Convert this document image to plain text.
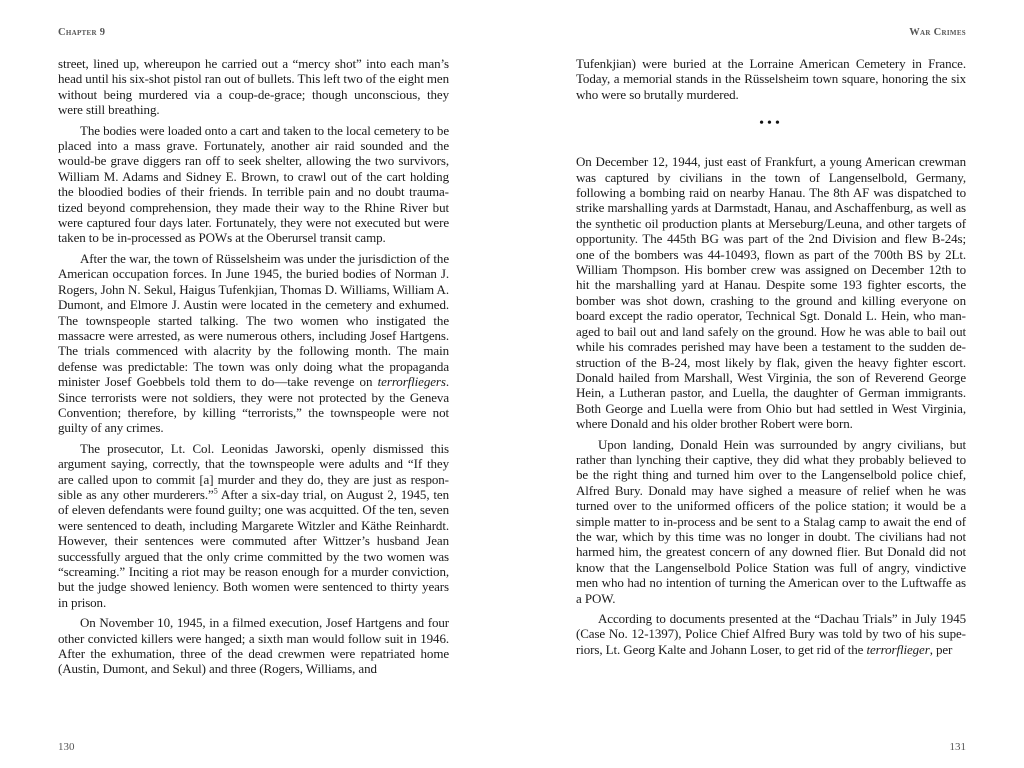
Chapter 9

street, lined up, whereupon he carried out a “mercy shot” into each man’s head until his six-shot pistol ran out of bullets. This left two of the eight men without being murdered via a coup-de-grace; though unconscious, they were still breathing.

The bodies were loaded onto a cart and taken to the local cemetery to be placed into a mass grave. Fortunately, another air raid sounded and the would-be grave diggers ran off to seek shelter, allowing the two survivors, William M. Adams and Sidney E. Brown, to crawl out of the cart holding the bloodied bodies of their friends. In terrible pain and no doubt traumatized beyond comprehension, they made their way to the Rhine River but were captured four days later. Fortunately, they were not executed but were taken to be in-processed as POWs at the Oberursel transit camp.

After the war, the town of Rüsselsheim was under the jurisdiction of the American occupation forces. In June 1945, the buried bodies of Norman J. Rogers, John N. Sekul, Haigus Tufenkjian, Thomas D. Williams, William A. Dumont, and Elmore J. Austin were located in the cemetery and exhumed. The townspeople started talking. The two women who instigated the massacre were arrested, as were numerous others, including Josef Hartgens. The trials commenced with alacrity by the following month. The main defense was predictable: The town was only doing what the propaganda minister Josef Goebbels told them to do—take revenge on terrorfliegers. Since terrorists were not soldiers, they were not protected by the Geneva Convention; therefore, by killing “terrorists,” the townspeople were not guilty of any crimes.

The prosecutor, Lt. Col. Leonidas Jaworski, openly dismissed this argument saying, correctly, that the townspeople were adults and “If they are called upon to commit [a] murder and they do, they are just as responsible as any other murderers.”$^5$ After a six-day trial, on August 2, 1945, ten of eleven defendants were found guilty; one was acquitted. Of the ten, seven were sentenced to death, including Margarete Witzler and Käthe Reinhardt. However, their sentences were commuted after Wittzer’s husband Jean successfully argued that the only crime committed by the two women was “screaming.” Inciting a riot may be reason enough for a murder conviction, but the judge showed leniency. Both women were sentenced to thirty years in prison.

On November 10, 1945, in a filmed execution, Josef Hartgens and four other convicted killers were hanged; a sixth man would follow suit in 1946. After the exhumation, three of the dead crewmen were repatriated home (Austin, Dumont, and Sekul) and three (Rogers, Williams, and

130
War Crimes

Tufenkjian) were buried at the Lorraine American Cemetery in France. Today, a memorial stands in the Rüsselsheim town square, honoring the six who were so brutally murdered.

•••

On December 12, 1944, just east of Frankfurt, a young American crewman was captured by civilians in the town of Langenselbold, Germany, following a bombing raid on nearby Hanau. The 8th AF was dispatched to strike marshalling yards at Darmstadt, Hanau, and Aschaffenburg, as well as the synthetic oil production plants at Merseburg/Leuna, and other targets of opportunity. The 445th BG was part of the 2nd Division and flew B-24s; one of the bombers was 44-10493, flown as part of the 700th BS by 2Lt. William Thompson. His bomber crew was assigned on December 12th to hit the marshalling yard at Hanau. Despite some 193 fighter escorts, the bomber was shot down, crashing to the ground and killing everyone on board except the radio operator, Technical Sgt. Donald L. Hein, who managed to bail out and land safely on the ground. How he was able to bail out while his comrades perished may have been a testament to the sudden destruction of the B-24, most likely by flak, given the heavy fighter escort. Donald hailed from Marshall, West Virginia, the son of Reverend George Hein, a Lutheran pastor, and Luella, the daughter of German immigrants. Both George and Luella were from Ohio but had settled in West Virginia, where Donald and his older brother Robert were born.

Upon landing, Donald Hein was surrounded by angry civilians, but rather than lynching their captive, they did what they probably believed to be the right thing and turned him over to the Langenselbold police chief, Alfred Bury. Donald may have sighed a measure of relief when he was turned over to the uniformed officers of the police station; it would be a simple matter to in-process and be sent to a Stalag camp to await the end of the war, which by this time was no longer in doubt. The civilians had not harmed him, the greatest concern of any downed flier. But Donald did not know that the Langenselbold Police Station was full of angry, vindictive men who had no intention of turning the American over to the Luftwaffe as a POW.

According to documents presented at the “Dachau Trials” in July 1945 (Case No. 12-1397), Police Chief Alfred Bury was told by two of his superiors, Lt. Georg Kalte and Johann Loser, to get rid of the terrorflieger, per

131
